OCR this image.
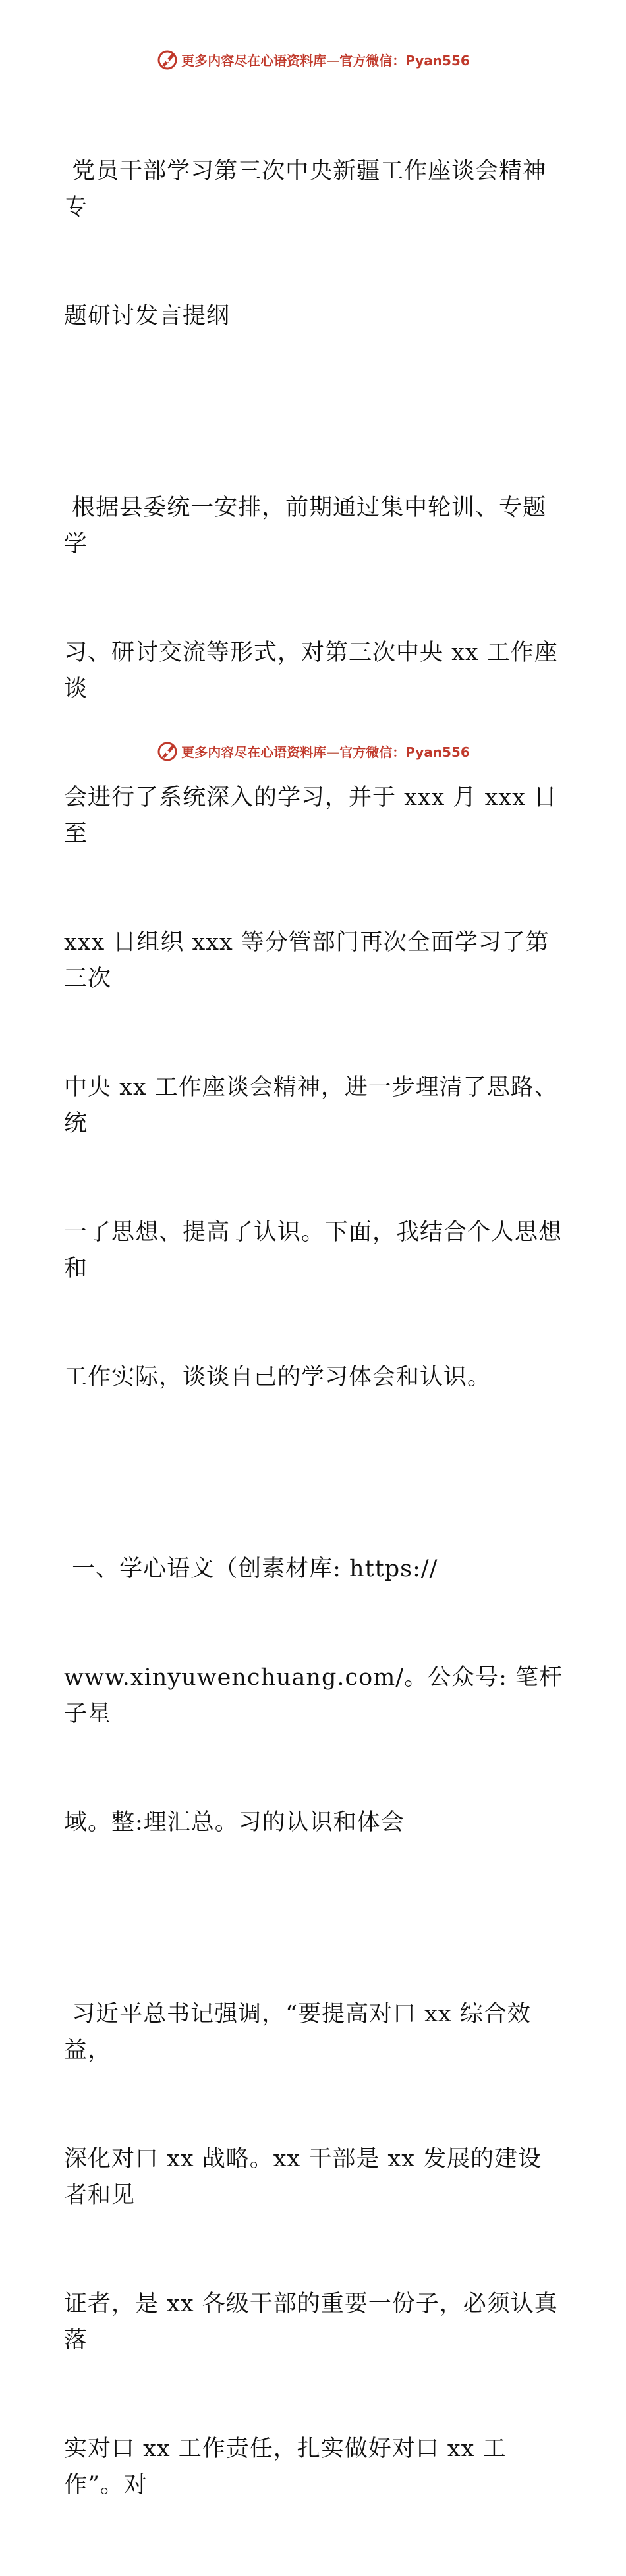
更多内容尽在心语资料库—官方微信：Pyan556

党员干部学习第三次中央新疆工作座谈会精神专

题研讨发言提纲

根据县委统一安排，前期通过集中轮训、专题学

习、研讨交流等形式，对第三次中央 xx 工作座谈

会进行了系统深入的学习，并于 xxx 月 xxx 日至

xxx 日组织 xxx 等分管部门再次全面学习了第三次

中央 xx 工作座谈会精神，进一步理清了思路、统

一了思想、提高了认识。下面，我结合个人思想和

工作实际，谈谈自己的学习体会和认识。

一、学心语文（创素材库: https://

www.xinyuwenchuang.com/。公众号: 笔杆子星

域。整:理汇总。习的认识和体会

习近平总书记强调，“要提高对口 xx 综合效益，

深化对口 xx 战略。xx 干部是 xx 发展的建设者和见

证者，是 xx 各级干部的重要一份子，必须认真落

实对口 xx 工作责任，扎实做好对口 xx 工作”。对

更多内容尽在心语资料库—官方微信：Pyan556
